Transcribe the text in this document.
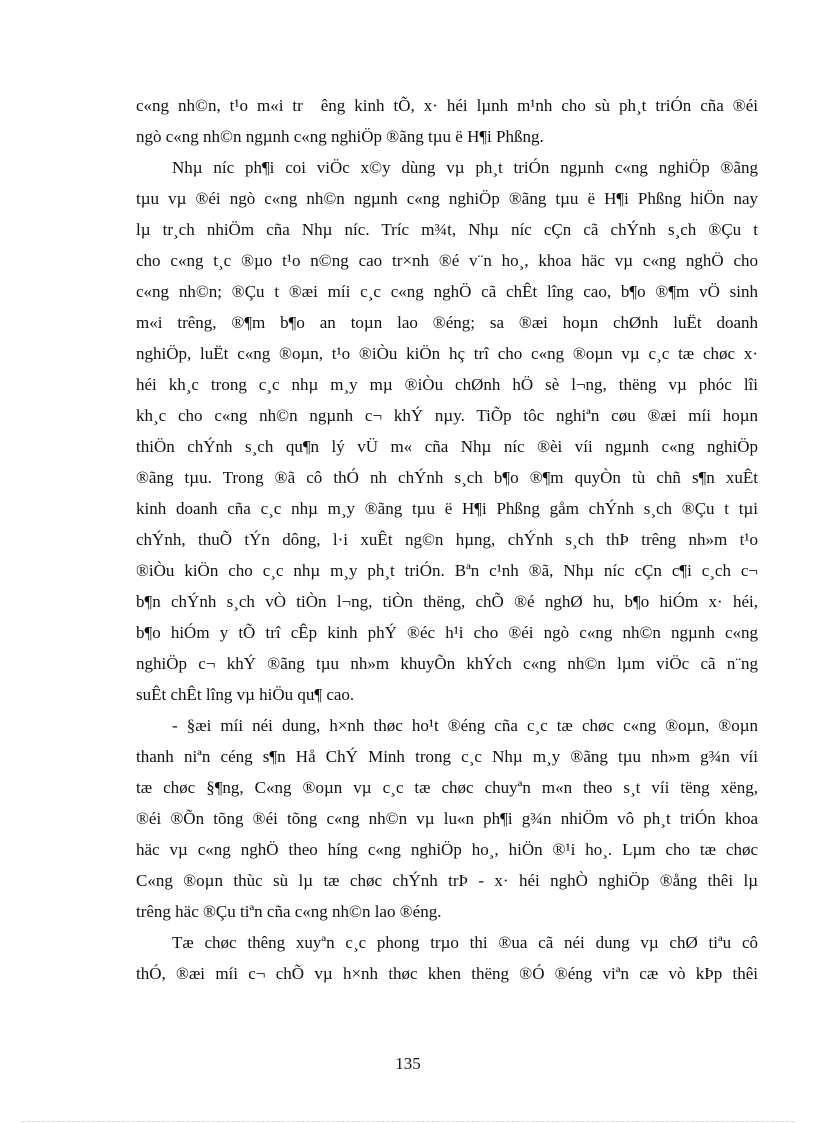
c«ng nh©n, t¹o m«i tr  êng kinh tÕ, x· héi lµnh m¹nh cho sù ph¸t triÓn cña ®éi
ngò c«ng nh©n ngµnh c«ng nghiÖp ®ãng tµu ë H¶i Phßng.

Nhµ níc ph¶i coi viÖc x©y dùng vµ ph¸t triÓn ngµnh c«ng nghiÖp ®ãng
tµu vµ ®éi ngò c«ng nh©n ngµnh c«ng nghiÖp ®ãng tµu ë H¶i Phßng hiÖn nay
lµ tr¸ch nhiÖm cña Nhµ níc. Tríc m¾t, Nhµ níc cÇn cã chÝnh s¸ch ®Çu t
cho c«ng t¸c ®µo t¹o n©ng cao tr×nh ®é v¨n ho¸, khoa häc vµ c«ng nghÖ cho
c«ng nh©n; ®Çu t ®æi míi c¸c c«ng nghÖ cã chÊt lîng cao, b¶o ®¶m vÖ sinh
m«i trêng, ®¶m b¶o an toµn lao ®éng; sa ®æi hoµn chØnh luËt doanh
nghiÖp, luËt c«ng ®oµn, t¹o ®iÒu kiÖn hç trî cho c«ng ®oµn vµ c¸c tæ chøc x·
héi kh¸c trong c¸c nhµ m¸y mµ ®iÒu chØnh hÖ sè l¬ng, thëng vµ phóc lîi
kh¸c cho c«ng nh©n ngµnh c¬ khÝ nµy. TiÕp tôc nghiªn cøu ®æi míi hoµn
thiÖn chÝnh s¸ch qu¶n lý vÜ m« cña Nhµ níc ®èi víi ngµnh c«ng nghiÖp
®ãng tµu. Trong ®ã cô thÓ nh chÝnh s¸ch b¶o ®¶m quyÒn tù chñ s¶n xuÊt
kinh doanh cña c¸c nhµ m¸y ®ãng tµu ë H¶i Phßng gåm chÝnh s¸ch ®Çu t tµi
chÝnh, thuÕ tÝn dông, l·i xuÊt ng©n hµng, chÝnh s¸ch thÞ trêng nh»m t¹o
®iÒu kiÖn cho c¸c nhµ m¸y ph¸t triÓn. Bªn c¹nh ®ã, Nhµ níc cÇn c¶i c¸ch c¬
b¶n chÝnh s¸ch vÒ tiÒn l¬ng, tiÒn thëng, chÕ ®é nghØ hu, b¶o hiÓm x· héi,
b¶o hiÓm y tÕ trî cÊp kinh phÝ ®éc h¹i cho ®éi ngò c«ng nh©n ngµnh c«ng
nghiÖp c¬ khÝ ®ãng tµu nh»m khuyÕn khÝch c«ng nh©n lµm viÖc cã n¨ng
suÊt chÊt lîng vµ hiÖu qu¶ cao.

- §æi míi néi dung, h×nh thøc ho¹t ®éng cña c¸c tæ chøc c«ng ®oµn, ®oµn
thanh niªn céng s¶n Hå ChÝ Minh trong c¸c Nhµ m¸y ®ãng tµu nh»m g¾n víi
tæ chøc §¶ng, C«ng ®oµn vµ c¸c tæ chøc chuyªn m«n theo s¸t víi tëng xëng,
®éi ®Õn tõng ®éi tõng c«ng nh©n vµ lu«n ph¶i g¾n nhiÖm vô ph¸t triÓn khoa
häc vµ c«ng nghÖ theo híng c«ng nghiÖp ho¸, hiÖn ®¹i ho¸. Lµm cho tæ chøc
C«ng ®oµn thùc sù lµ tæ chøc chÝnh trÞ - x· héi nghÒ nghiÖp ®ång thêi lµ
trêng häc ®Çu tiªn cña c«ng nh©n lao ®éng.

Tæ chøc thêng xuyªn c¸c phong trµo thi ®ua cã néi dung vµ chØ tiªu cô
thÓ, ®æi míi c¬ chÕ vµ h×nh thøc khen thëng ®Ó ®éng viªn cæ vò kÞp thêi

135
